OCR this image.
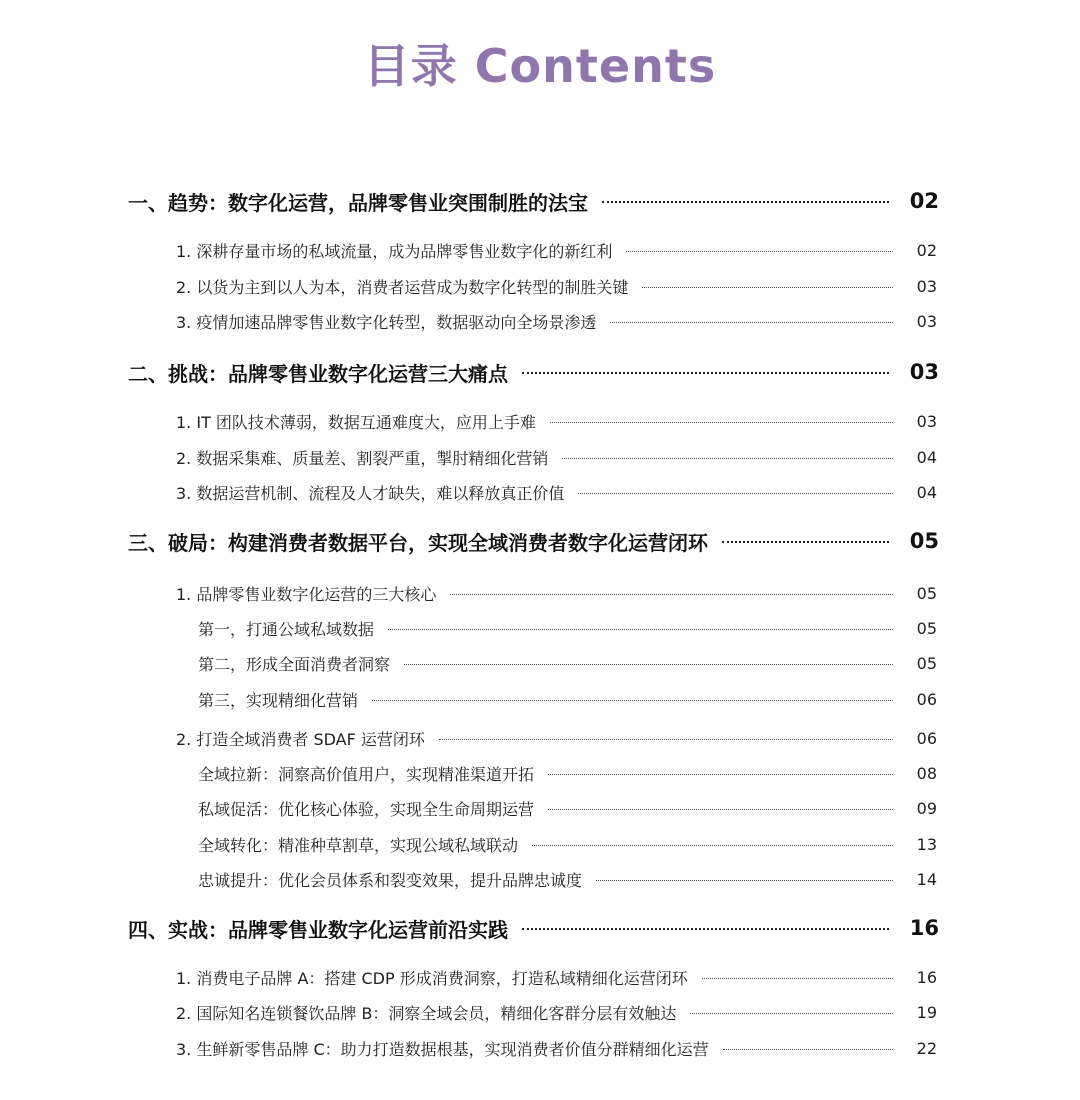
目录 Contents
一、趋势：数字化运营，品牌零售业突围制胜的法宝	02
1. 深耕存量市场的私域流量，成为品牌零售业数字化的新红利	02
2. 以货为主到以人为本，消费者运营成为数字化转型的制胜关键	03
3. 疫情加速品牌零售业数字化转型，数据驱动向全场景渗透	03
二、挑战：品牌零售业数字化运营三大痛点	03
1. IT 团队技术薄弱，数据互通难度大，应用上手难	03
2. 数据采集难、质量差、割裂严重，掣肘精细化营销	04
3. 数据运营机制、流程及人才缺失，难以释放真正价值	04
三、破局：构建消费者数据平台，实现全域消费者数字化运营闭环	05
1. 品牌零售业数字化运营的三大核心	05
第一，打通公域私域数据	05
第二，形成全面消费者洞察	05
第三，实现精细化营销	06
2. 打造全域消费者 SDAF 运营闭环	06
全域拉新：洞察高价值用户，实现精准渠道开拓	08
私域促活：优化核心体验，实现全生命周期运营	09
全域转化：精准种草割草，实现公域私域联动	13
忠诚提升：优化会员体系和裂变效果，提升品牌忠诚度	14
四、实战：品牌零售业数字化运营前沿实践	16
1. 消费电子品牌 A：搭建 CDP 形成消费洞察，打造私域精细化运营闭环	16
2. 国际知名连锁餐饮品牌 B：洞察全域会员，精细化客群分层有效触达	19
3. 生鲜新零售品牌 C：助力打造数据根基，实现消费者价值分群精细化运营	22
